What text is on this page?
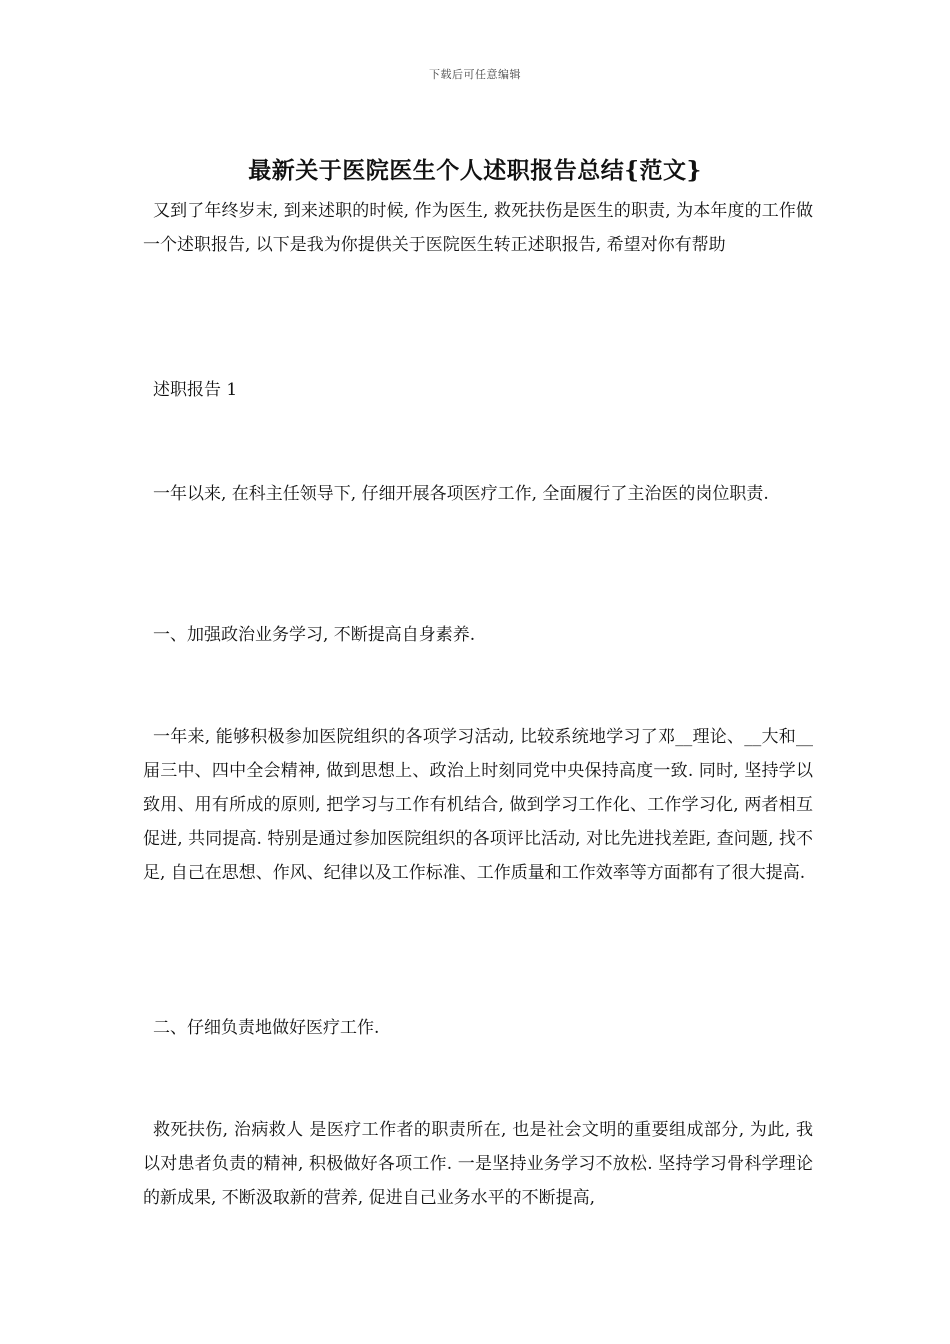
下载后可任意编辑
最新关于医院医生个人述职报告总结{范文}

又到了年终岁末, 到来述职的时候, 作为医生, 救死扶伤是医生的职责, 为本年度的工作做一个述职报告, 以下是我为你提供关于医院医生转正述职报告, 希望对你有帮助

述职报告 1

一年以来, 在科主任领导下, 仔细开展各项医疗工作, 全面履行了主治医的岗位职责.

一、加强政治业务学习, 不断提高自身素养.

一年来, 能够积极参加医院组织的各项学习活动, 比较系统地学习了邓__理论、__大和__届三中、四中全会精神, 做到思想上、政治上时刻同党中央保持高度一致. 同时, 坚持学以致用、用有所成的原则, 把学习与工作有机结合, 做到学习工作化、工作学习化, 两者相互促进, 共同提高. 特别是通过参加医院组织的各项评比活动, 对比先进找差距, 查问题, 找不足, 自己在思想、作风、纪律以及工作标准、工作质量和工作效率等方面都有了很大提高.

二、仔细负责地做好医疗工作.

救死扶伤, 治病救人 是医疗工作者的职责所在, 也是社会文明的重要组成部分, 为此, 我以对患者负责的精神, 积极做好各项工作. 一是坚持业务学习不放松. 坚持学习骨科学理论的新成果, 不断汲取新的营养, 促进自己业务水平的不断提高,
